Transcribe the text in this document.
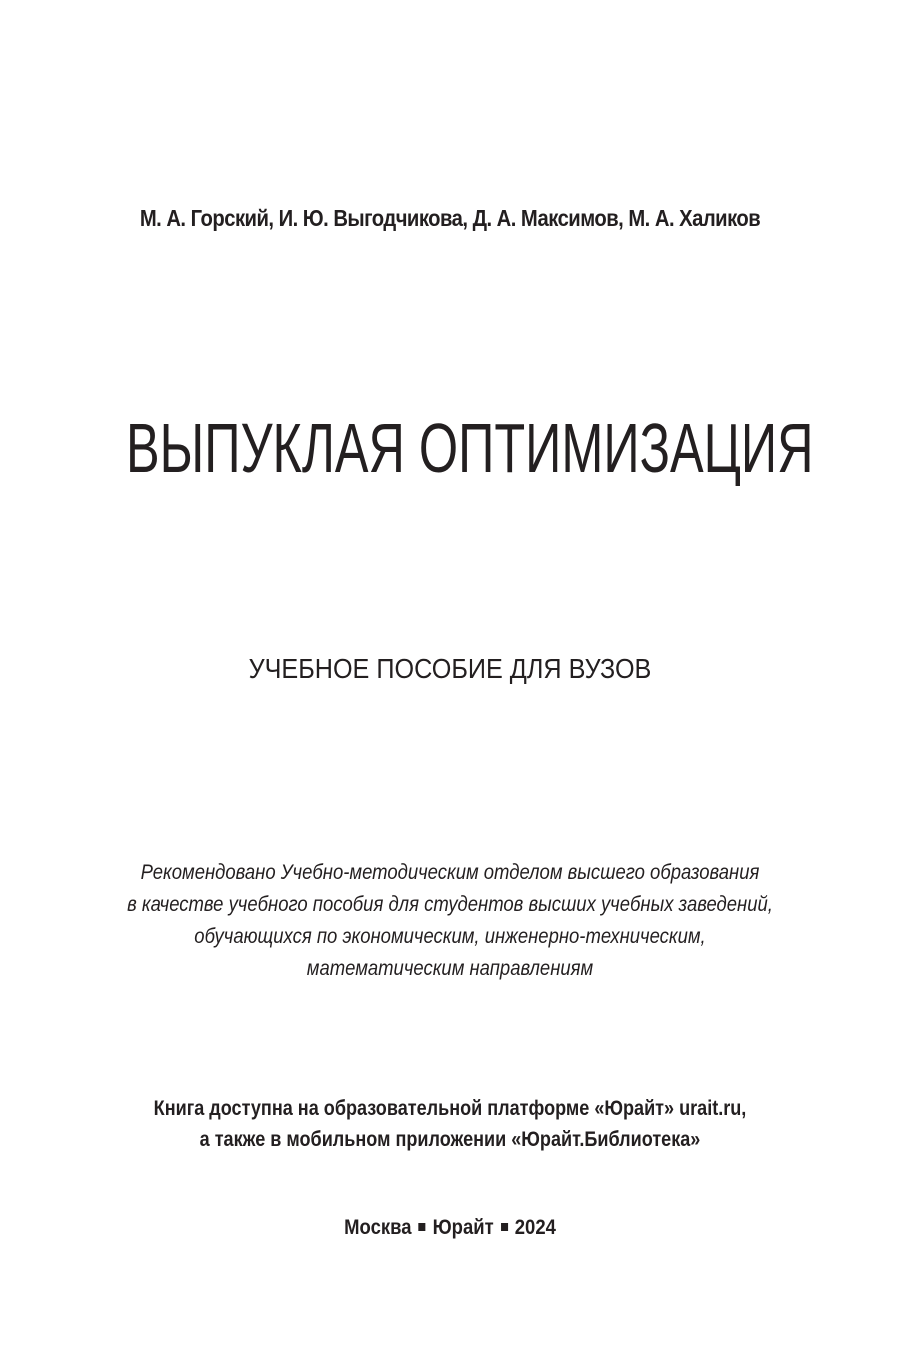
М. А. Горский, И. Ю. Выгодчикова, Д. А. Максимов, М. А. Халиков
ВЫПУКЛАЯ ОПТИМИЗАЦИЯ
УЧЕБНОЕ ПОСОБИЕ ДЛЯ ВУЗОВ
Рекомендовано Учебно-методическим отделом высшего образования
в качестве учебного пособия для студентов высших учебных заведений,
обучающихся по экономическим, инженерно-техническим,
математическим направлениям
Книга доступна на образовательной платформе «Юрайт» urait.ru,
а также в мобильном приложении «Юрайт.Библиотека»
Москва Юрайт 2024
